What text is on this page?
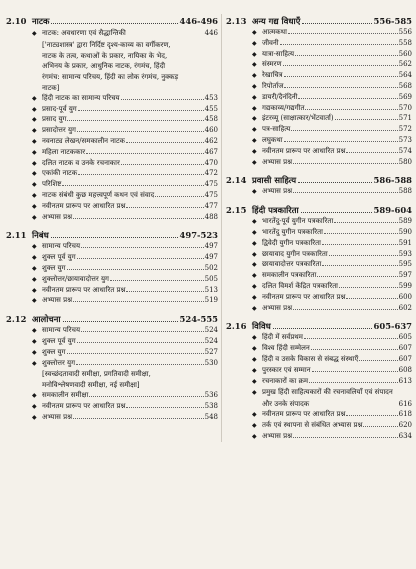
2.10 नाटक	446-496
◆ नाटक: अवधारणा एवं सैद्धान्तिकी	446
['नाट्यशास्त्र' द्वारा निर्दिष्ट दृश्य-काव्य का वर्गीकरण,
नाटक के तत्व, कथाओं के प्रकार, नायिका के भेद,
अभिनय के प्रकार, आधुनिक नाटक, रंगमंच, हिंदी
रंगमंच: सामान्य परिचय, हिंदी का लोक रंगमंच, नुक्कड़
नाटक]
◆ हिंदी नाटक का सामान्य परिचय	453
◆ प्रसाद-पूर्व युग	455
◆ प्रसाद युग	458
◆ प्रसादोत्तर युग	460
◆ नवनाट्य लेखन/समकालीन नाटक	462
◆ महिला नाटककार	467
◆ दलित नाटक व उनके रचनाकार	470
◆ एकांकी नाटक	472
◆ परिशिष्ट	475
◆ नाटक संबंधी कुछ महत्त्वपूर्ण कथन एवं संवाद	475
◆ नवीनतम प्रारूप पर आधारित प्रश्न	477
◆ अभ्यास प्रश्न	488
2.11 निबंध	497-523
◆ सामान्य परिचय	497
◆ शुक्ल पूर्व युग	497
◆ शुक्ल युग	502
◆ शुक्लोत्तर/छायावादोत्तर युग	505
◆ नवीनतम प्रारूप पर आधारित प्रश्न	513
◆ अभ्यास प्रश्न	519
2.12 आलोचना	524-555
◆ सामान्य परिचय	524
◆ शुक्ल पूर्व युग	524
◆ शुक्ल युग	527
◆ शुक्लोत्तर युग	530
[स्वच्छंदतावादी समीक्षा, प्रगतिवादी समीक्षा,
मनोविश्लेषणवादी समीक्षा, नई समीक्षा]
◆ समकालीन समीक्षा	536
◆ नवीनतम प्रारूप पर आधारित प्रश्न	538
◆ अभ्यास प्रश्न	548
2.13 अन्य गद्य विधाएँ	556-585
◆ आत्मकथा	556
◆ जीवनी	558
◆ यात्रा-साहित्य	560
◆ संस्मरण	562
◆ रेखाचित्र	564
◆ रिपोर्ताज	568
◆ डायरी/दैनंदिनी	569
◆ गद्यकाव्य/गद्यगीत	570
◆ इंटरव्यू (साक्षात्कार/भेंटवार्ता)	571
◆ पत्र-साहित्य	572
◆ लघुकथा	573
◆ नवीनतम प्रारूप पर आधारित प्रश्न	574
◆ अभ्यास प्रश्न	580
2.14 प्रवासी साहित्य	586-588
◆ अभ्यास प्रश्न	588
2.15 हिंदी पत्रकारिता	589-604
◆ भारतेंदु-पूर्व युगीन पत्रकारिता	589
◆ भारतेंदु युगीन पत्रकारिता	590
◆ द्विवेदी युगीन पत्रकारिता	591
◆ छायावाद युगीन पत्रकारिता	593
◆ छायावादोत्तर पत्रकारिता	595
◆ समकालीन पत्रकारिता	597
◆ दलित विमर्श केंद्रित पत्रकारिता	599
◆ नवीनतम प्रारूप पर आधारित प्रश्न	600
◆ अभ्यास प्रश्न	602
2.16 विविध	605-637
◆ हिंदी में सर्वप्रथम	605
◆ विश्व हिंदी सम्मेलन	607
◆ हिंदी व उसके विकास से संबद्ध संस्थाएँ	607
◆ पुरस्कार एवं सम्मान	608
◆ रचनाकारों का क्रम	613
◆ प्रमुख हिंदी साहित्यकारों की रचनावलियाँ एवं संपादन
और उनके संपादक	616
◆ नवीनतम प्रारूप पर आधारित प्रश्न	618
◆ तर्क एवं स्थापना से संबंधित अभ्यास प्रश्न	620
◆ अभ्यास प्रश्न	634
